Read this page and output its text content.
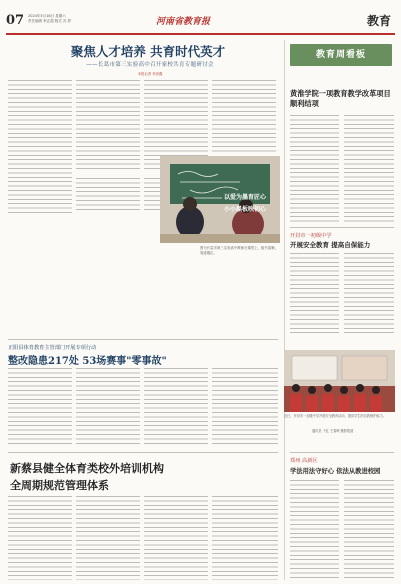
07 2024年5月18日 星期六
责任编辑 李志超 版式 苏 婷	河南省教育报	教育
聚焦人才培养 共育时代英才
——长葛市第三实验高中召开家校共育专题研讨会
本报记者 李世鑫
以爱为墨育匠心
小小黑板映初心
图为长葛市第三实验高中教师在课堂上，板书清晰，笔迹端正。
教育周看板
黄淮学院一项教育教学改革项目顺利结项
开封市一初级中学
开展安全教育 提高自保能力
近日，开封市一初级中学开展安全教育活动，提高学生的自我保护能力。
通讯员 于红 王春晖 摄影报道
正阳县体育教育主管部门开展专项行动
整改隐患217处 53场赛事"零事故"
新蔡县健全体育类校外培训机构
全周期规范管理体系
郑州 高新区
学法用法守好心 依法从教进校园
